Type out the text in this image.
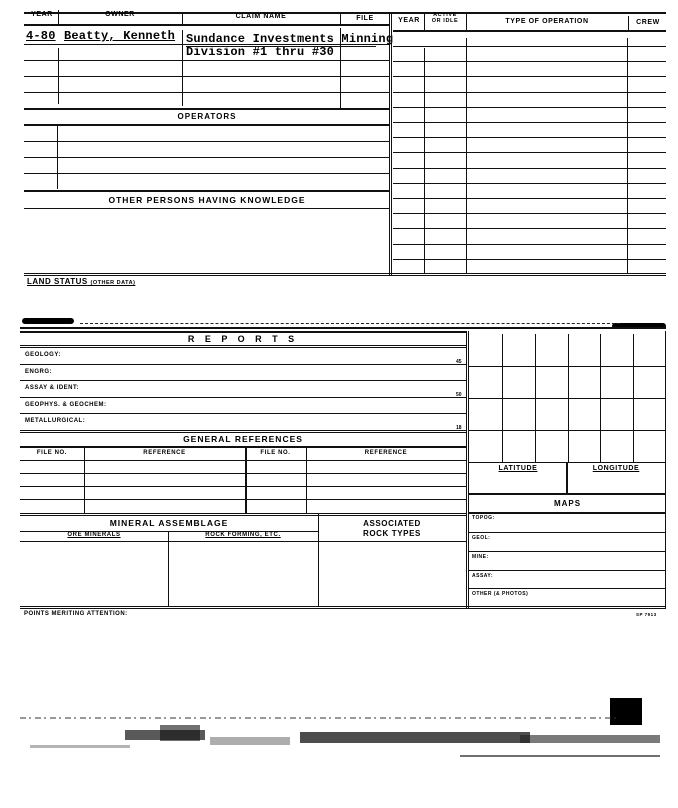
YEAR	OWNER	CLAIM NAME	FILE
4-80 Beatty, Kenneth Sundance Investments Minning
Division #1 thru #30
OPERATORS
OTHER PERSONS HAVING KNOWLEDGE
LAND STATUS (OTHER DATA)
YEAR
ACTIVE
OR IDLE	TYPE OF OPERATION	CREW
R E P O R T S
GEOLOGY:
45
ENGRG:
ASSAY & IDENT:
50
GEOPHYS. & GEOCHEM:
METALLURGICAL:
18
GENERAL REFERENCES
FILE NO.	REFERENCE	FILE NO.	REFERENCE
MINERAL ASSEMBLAGE
ORE MINERALS	ROCK FORMING, ETC.
ASSOCIATED
ROCK TYPES
LATITUDE	LONGITUDE
MAPS
TOPOG:
GEOL:
MINE:
ASSAY:
OTHER (& PHOTOS)
POINTS MERITING ATTENTION:	SP 7913
